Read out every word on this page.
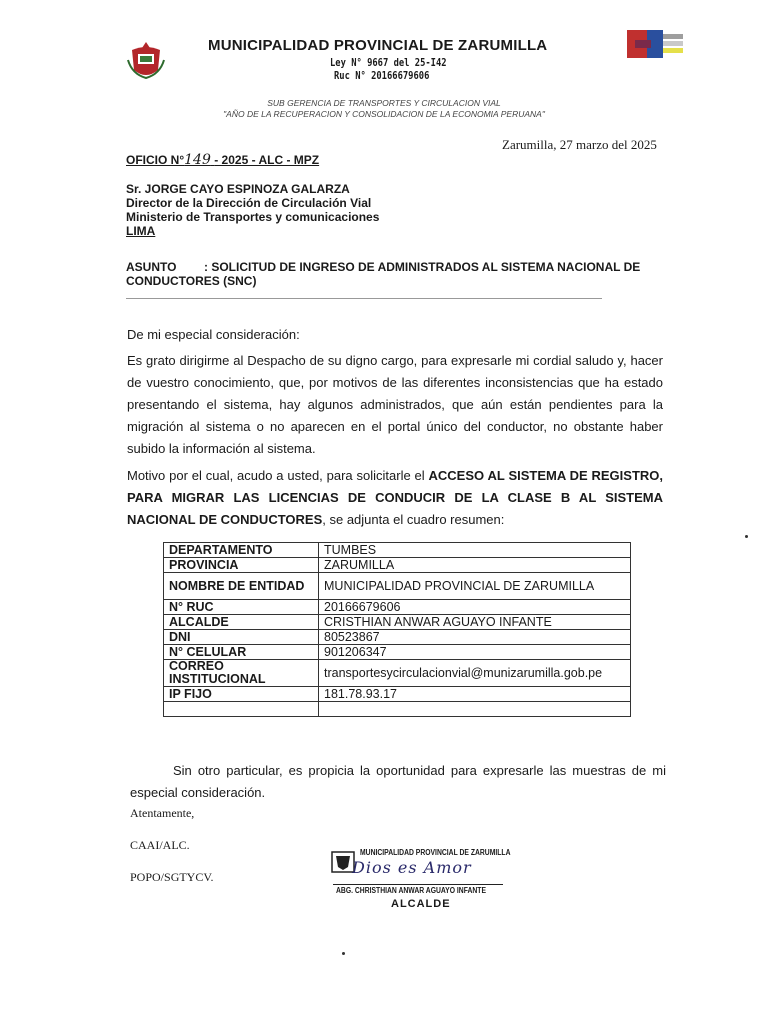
MUNICIPALIDAD PROVINCIAL DE ZARUMILLA
Ley N° 9667 del 25-I42
Ruc N° 20166679606
SUB GERENCIA DE TRANSPORTES Y CIRCULACION VIAL
"AÑO DE LA RECUPERACION Y CONSOLIDACION DE LA ECONOMIA PERUANA"
Zarumilla, 27 marzo del 2025
OFICIO N°149 - 2025 - ALC - MPZ
Sr. JORGE CAYO ESPINOZA GALARZA
Director de la Dirección de Circulación Vial
Ministerio de Transportes y comunicaciones
LIMA
ASUNTO : SOLICITUD DE INGRESO DE ADMINISTRADOS AL SISTEMA NACIONAL DE CONDUCTORES (SNC)
De mi especial consideración:
Es grato dirigirme al Despacho de su digno cargo, para expresarle mi cordial saludo y, hacer de vuestro conocimiento, que, por motivos de las diferentes inconsistencias que ha estado presentando el sistema, hay algunos administrados, que aún están pendientes para la migración al sistema o no aparecen en el portal único del conductor, no obstante haber subido la información al sistema.
Motivo por el cual, acudo a usted, para solicitarle el ACCESO AL SISTEMA DE REGISTRO, PARA MIGRAR LAS LICENCIAS DE CONDUCIR DE LA CLASE B AL SISTEMA NACIONAL DE CONDUCTORES, se adjunta el cuadro resumen:
DEPARTAMENTO	TUMBES
PROVINCIA	ZARUMILLA
NOMBRE DE ENTIDAD	MUNICIPALIDAD PROVINCIAL DE ZARUMILLA
N° RUC	20166679606
ALCALDE	CRISTHIAN ANWAR AGUAYO INFANTE
DNI	80523867
N° CELULAR	901206347
CORREO INSTITUCIONAL	transportesycirculacionvial@munizarumilla.gob.pe
IP FIJO	181.78.93.17

Sin otro particular, es propicia la oportunidad para expresarle las muestras de mi especial consideración.
Atentamente,
CAAI/ALC.
POPO/SGTYCV.
MUNICIPALIDAD PROVINCIAL DE ZARUMILLA
Dios es Amor
ABG. CHRISTHIAN ANWAR AGUAYO INFANTE
ALCALDE
